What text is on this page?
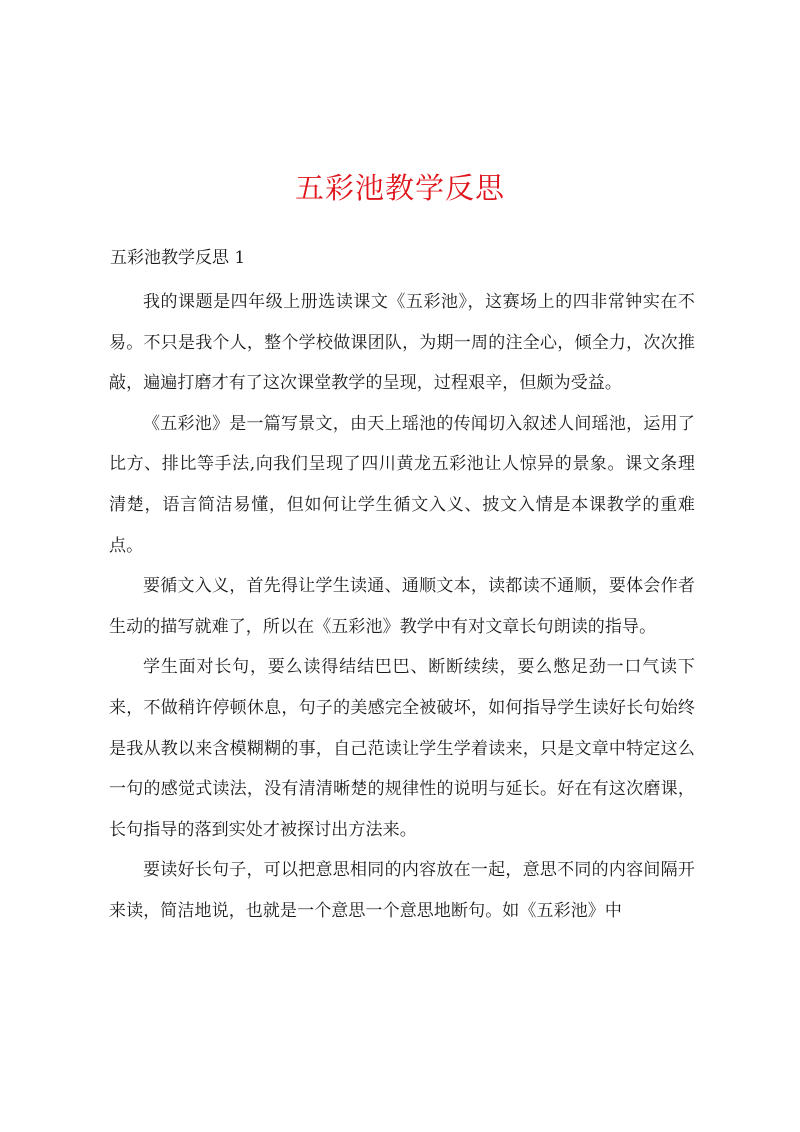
五彩池教学反思
五彩池教学反思 1

我的课题是四年级上册选读课文《五彩池》，这赛场上的四非常钟实在不易。不只是我个人，整个学校做课团队，为期一周的注全心，倾全力，次次推敲，遍遍打磨才有了这次课堂教学的呈现，过程艰辛，但颇为受益。

《五彩池》是一篇写景文，由天上瑶池的传闻切入叙述人间瑶池，运用了比方、排比等手法,向我们呈现了四川黄龙五彩池让人惊异的景象。课文条理清楚，语言简洁易懂，但如何让学生循文入义、披文入情是本课教学的重难点。

要循文入义，首先得让学生读通、通顺文本，读都读不通顺，要体会作者生动的描写就难了，所以在《五彩池》教学中有对文章长句朗读的指导。

学生面对长句，要么读得结结巴巴、断断续续，要么憋足劲一口气读下来，不做稍许停顿休息，句子的美感完全被破坏，如何指导学生读好长句始终是我从教以来含模糊糊的事，自己范读让学生学着读来，只是文章中特定这么一句的感觉式读法，没有清清晰楚的规律性的说明与延长。好在有这次磨课，长句指导的落到实处才被探讨出方法来。

要读好长句子，可以把意思相同的内容放在一起，意思不同的内容间隔开来读，简洁地说，也就是一个意思一个意思地断句。如《五彩池》中
